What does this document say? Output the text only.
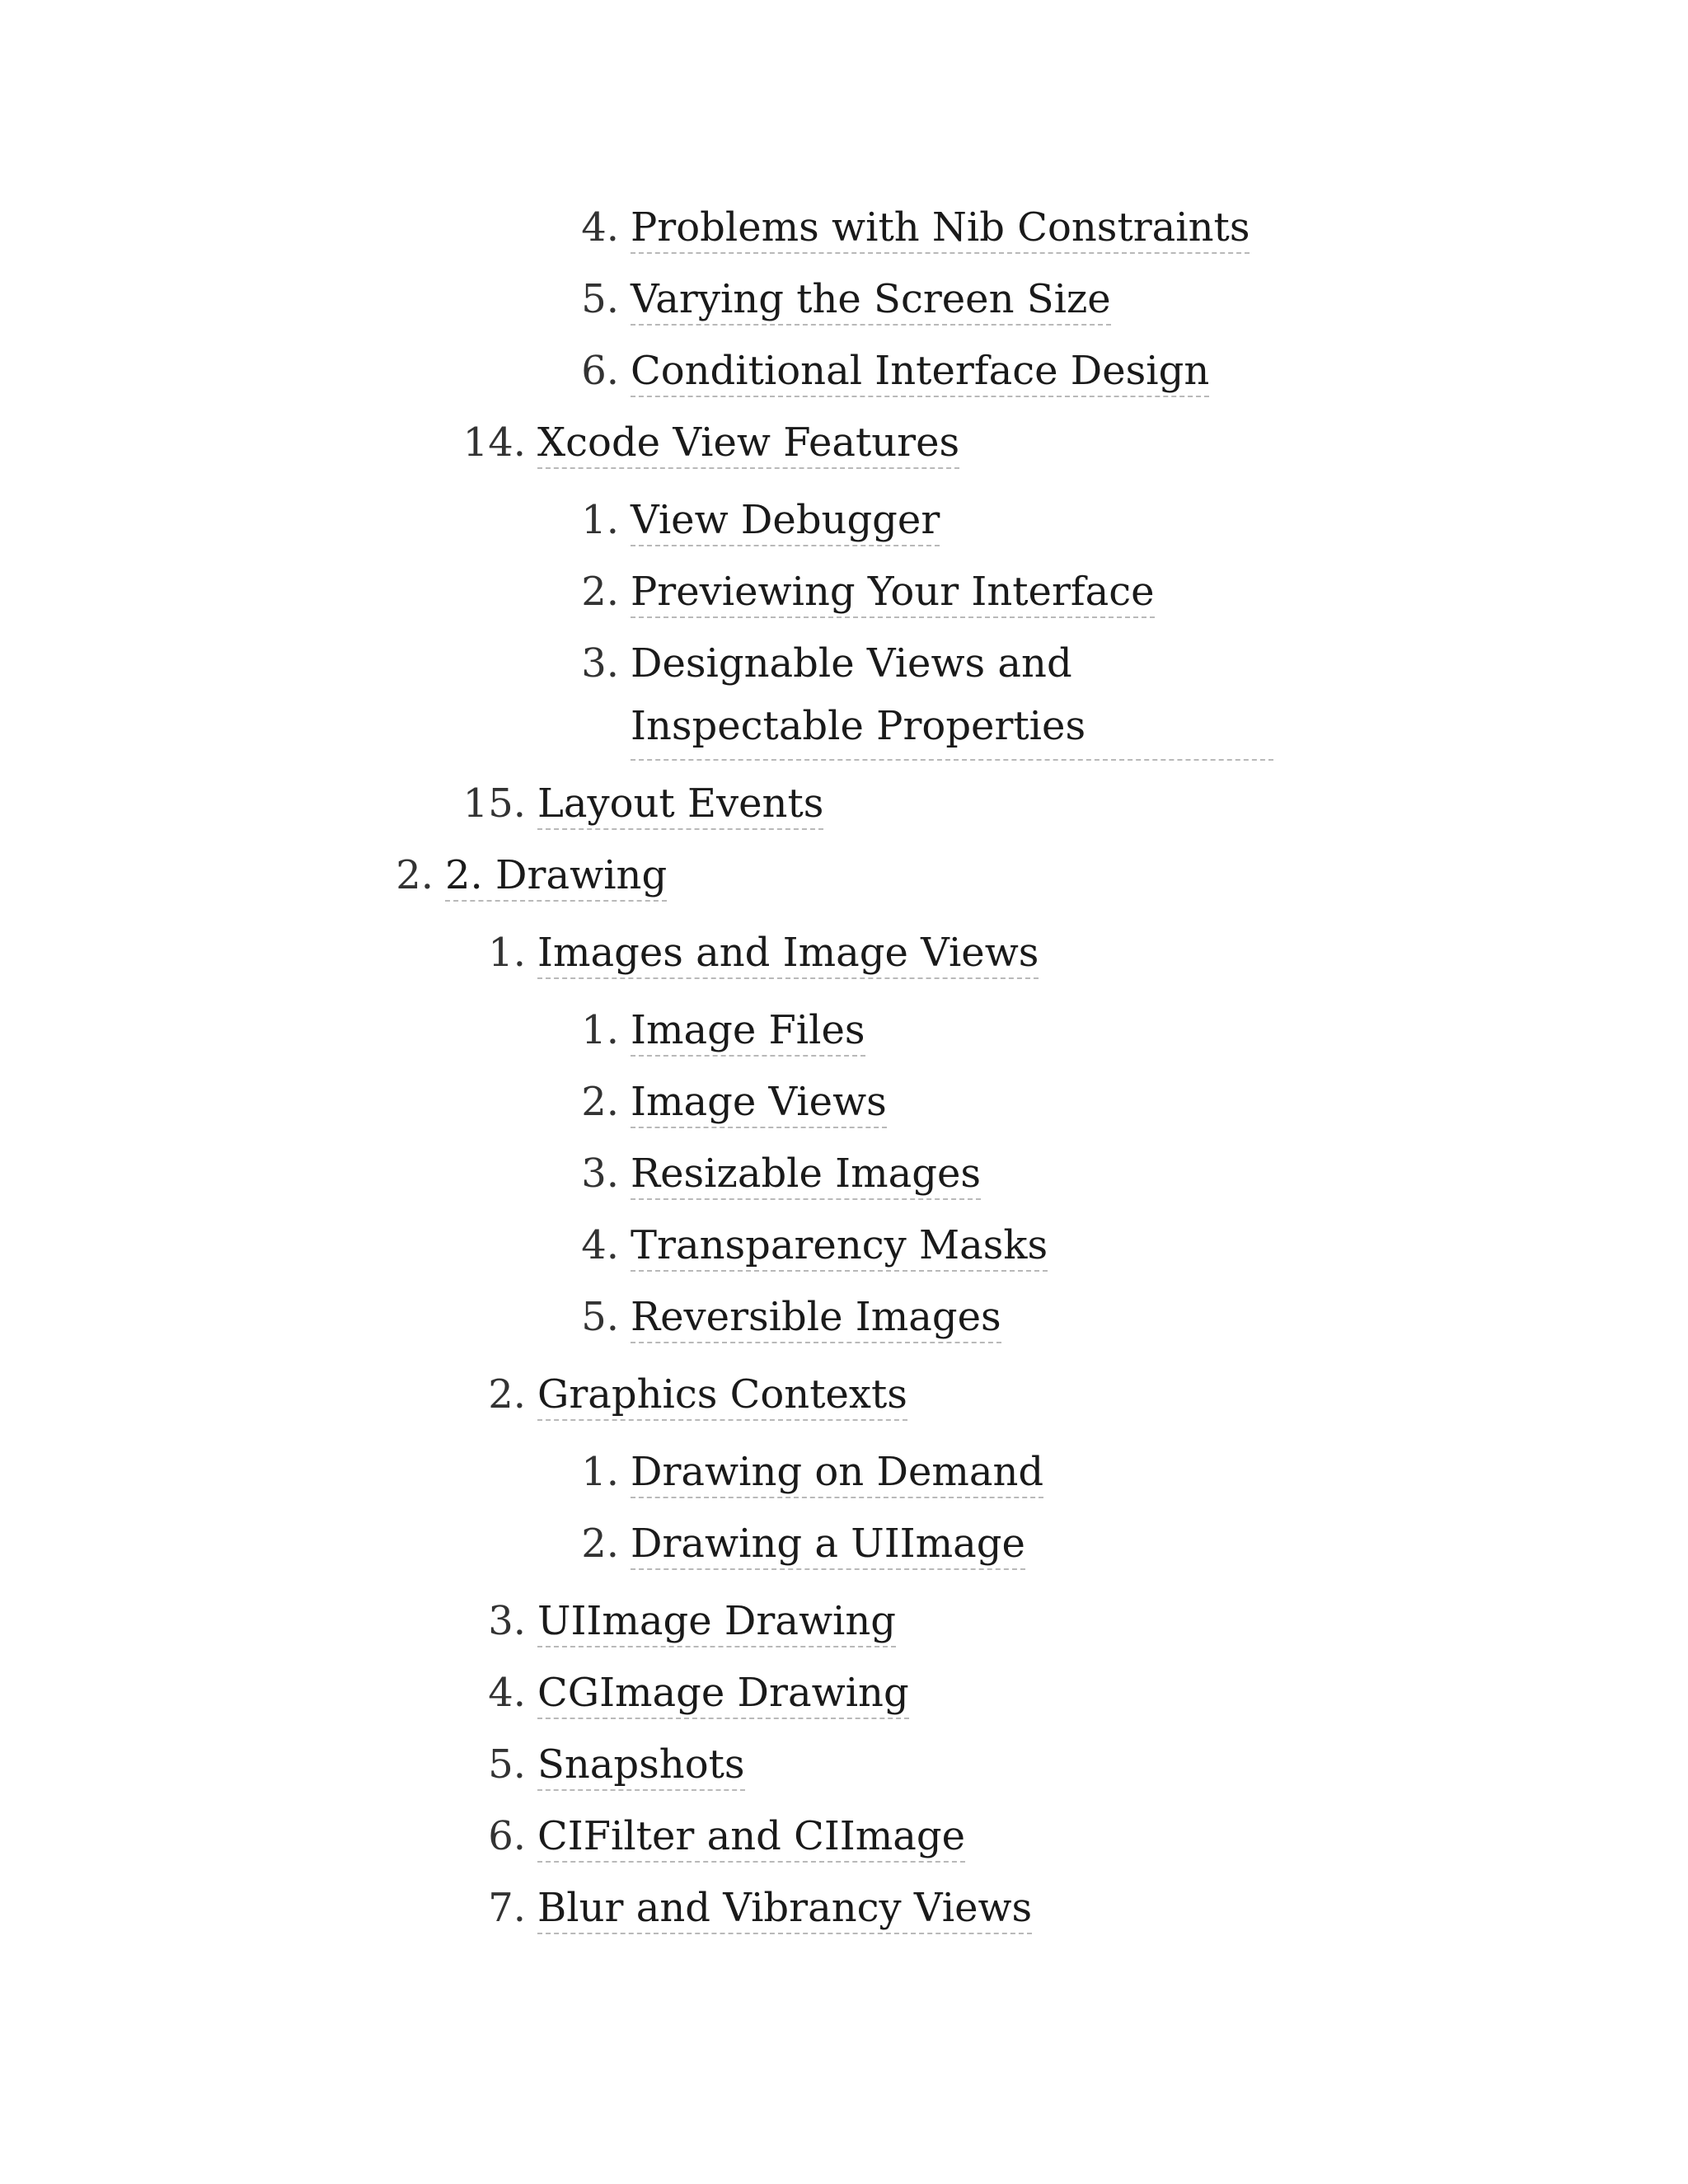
4. Problems with Nib Constraints
5. Varying the Screen Size
6. Conditional Interface Design
14. Xcode View Features
1. View Debugger
2. Previewing Your Interface
3. Designable Views and Inspectable Properties
15. Layout Events
2. 2. Drawing
1. Images and Image Views
1. Image Files
2. Image Views
3. Resizable Images
4. Transparency Masks
5. Reversible Images
2. Graphics Contexts
1. Drawing on Demand
2. Drawing a UIImage
3. UIImage Drawing
4. CGImage Drawing
5. Snapshots
6. CIFilter and CIImage
7. Blur and Vibrancy Views
